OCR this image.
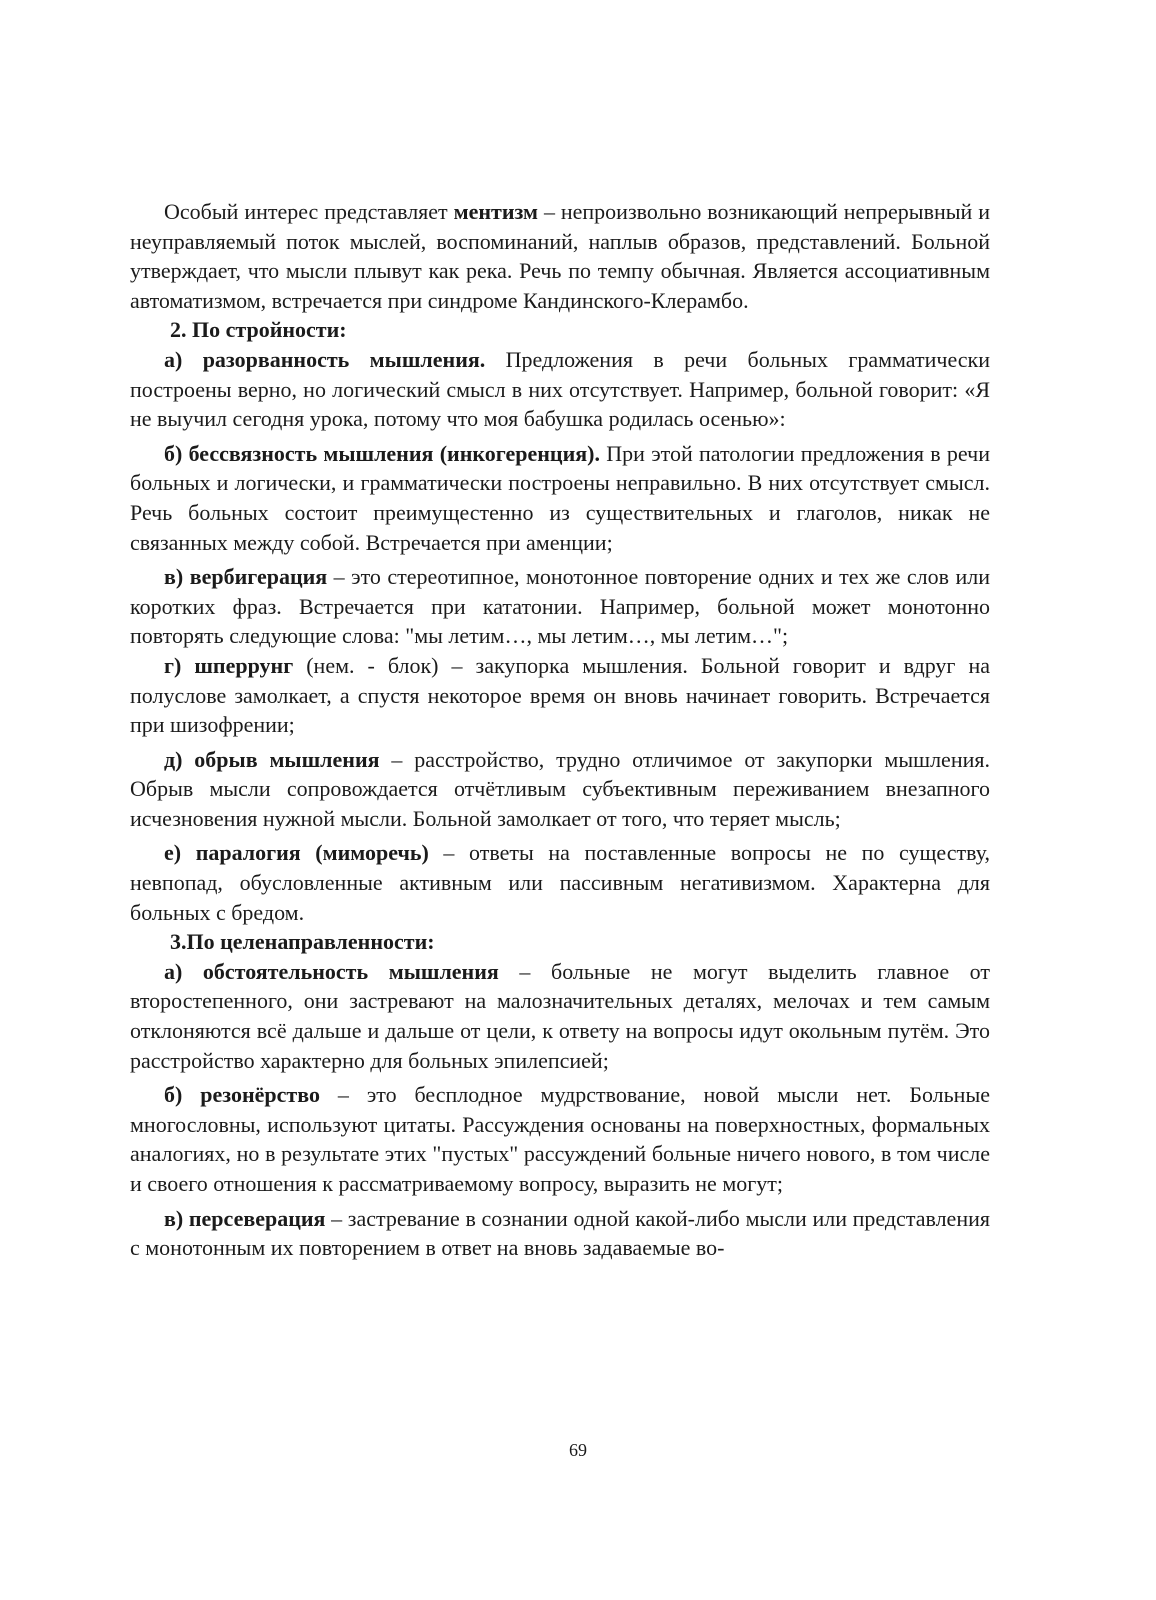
Особый интерес представляет ментизм – непроизвольно возникающий непрерывный и неуправляемый поток мыслей, воспоминаний, наплыв образов, представлений. Больной утверждает, что мысли плывут как река. Речь по темпу обычная. Является ассоциативным автоматизмом, встречается при синдроме Кандинского-Клерамбо.

2. По стройности:

а) разорванность мышления. Предложения в речи больных грамматически построены верно, но логический смысл в них отсутствует. Например, больной говорит: «Я не выучил сегодня урока, потому что моя бабушка родилась осенью»:

б) бессвязность мышления (инкогеренция). При этой патологии предложения в речи больных и логически, и грамматически построены неправильно. В них отсутствует смысл. Речь больных состоит преимущестенно из существительных и глаголов, никак не связанных между собой. Встречается при аменции;

в) вербигерация – это стереотипное, монотонное повторение одних и тех же слов или коротких фраз. Встречается при кататонии. Например, больной может монотонно повторять следующие слова: "мы летим…, мы летим…, мы летим…";

г) шперрунг (нем. - блок) – закупорка мышления. Больной говорит и вдруг на полуслове замолкает, а спустя некоторое время он вновь начинает говорить. Встречается при шизофрении;

д) обрыв мышления – расстройство, трудно отличимое от закупорки мышления. Обрыв мысли сопровождается отчётливым субъективным переживанием внезапного исчезновения нужной мысли. Больной замолкает от того, что теряет мысль;

е) паралогия (миморечь) – ответы на поставленные вопросы не по существу, невпопад, обусловленные активным или пассивным негативизмом. Характерна для больных с бредом.

3.По целенаправленности:

а) обстоятельность мышления – больные не могут выделить главное от второстепенного, они застревают на малозначительных деталях, мелочах и тем самым отклоняются всё дальше и дальше от цели, к ответу на вопросы идут окольным путём. Это расстройство характерно для больных эпилепсией;

б) резонёрство – это бесплодное мудрствование, новой мысли нет. Больные многословны, используют цитаты. Рассуждения основаны на поверхностных, формальных аналогиях, но в результате этих "пустых" рассуждений больные ничего нового, в том числе и своего отношения к рассматриваемому вопросу, выразить не могут;

в) персеверация – застревание в сознании одной какой-либо мысли или представления с монотонным их повторением в ответ на вновь задаваемые во-

69
